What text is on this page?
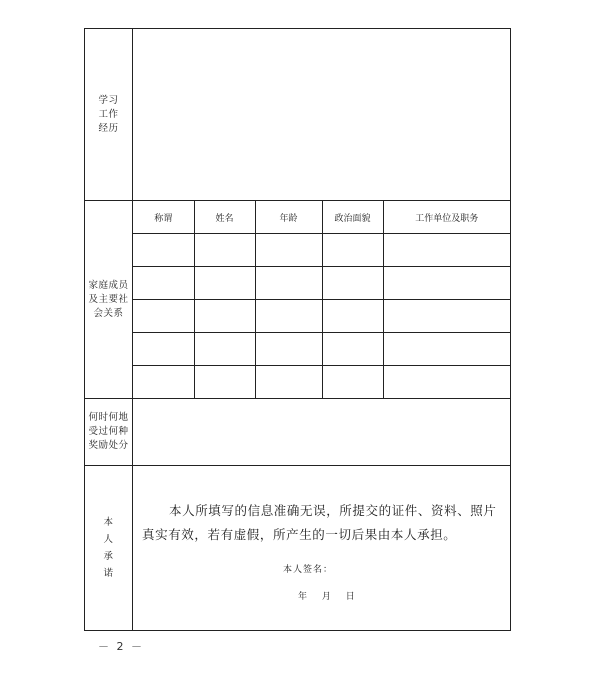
学习
工作
经历

家庭成员
及主要社
会关系

称谓	姓名	年龄	政治面貌	工作单位及职务

何时何地
受过何种
奖励处分

本
人
承
诺

本人所填写的信息准确无误，所提交的证件、资料、照片真实有效，若有虚假，所产生的一切后果由本人承担。
本人签名：
年 月 日
－ 2 －
